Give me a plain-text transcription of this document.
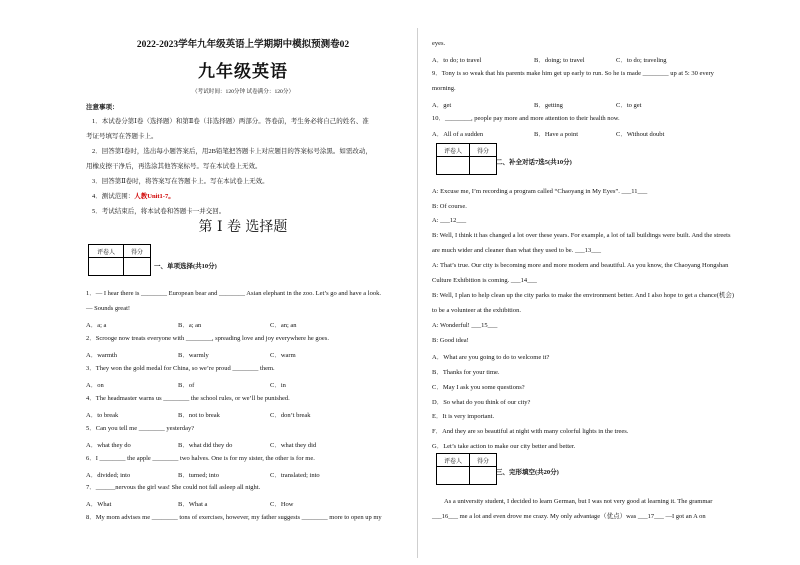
2022-2023学年九年级英语上学期期中模拟预测卷02
九年级英语
（考试时间：120分钟 试卷满分：120分）
注意事项：
1．本试卷分第Ⅰ卷（选择题）和第Ⅱ卷（非选择题）两部分。答卷前，考生务必将自己的姓名、准
考证号填写在答题卡上。
2．回答第Ⅰ卷时，选出每小题答案后，用2B铅笔把答题卡上对应题目的答案标号涂黑。如需改动，
用橡皮擦干净后，再选涂其他答案标号。写在本试卷上无效。
3．回答第Ⅱ卷时，将答案写在答题卡上。写在本试卷上无效。
4．测试范围：人教Unit1-7。
5．考试结束后，将本试卷和答题卡一并交回。
第 I 卷 选择题
评卷人	得分

一、单项选择(共10分)
1．— I hear there is ________ European bear and ________ Asian elephant in the zoo. Let’s go and have a look.
— Sounds great!
A．a; a	B．a; an	C．an; an
2．Scrooge now treats everyone with ________, spreading love and joy everywhere he goes.
A．warmth	B．warmly	C．warm
3．They won the gold medal for China, so we’re proud ________ them.
A．on	B．of	C．in
4．The headmaster warns us ________ the school rules, or we’ll be punished.
A．to break	B．not to break	C．don’t break
5．Can you tell me ________ yesterday?
A．what they do	B．what did they do	C．what they did
6．I ________ the apple ________ two halves. One is for my sister, the other is for me.
A．divided; into	B．turned; into	C．translated; into
7．______nervous the girl was! She could not fall asleep all night.
A．What	B．What a	C．How
8．My mom advises me ________ tons of exercises, however, my father suggests ________ more to open up my
eyes.
A．to do; to travel	B．doing; to travel	C．to do; traveling
9．Tony is so weak that his parents make him get up early to run. So he is made ________ up at 5: 30 every
morning.
A．get	B．getting	C．to get
10．________, people pay more and more attention to their health now.
A．All of a sudden	B．Have a point	C．Without doubt
评卷人	得分

二、补全对话7选5(共10分)
A: Excuse me, I’m recording a program called “Chaoyang in My Eyes”. ___11___
B: Of course.
A: ___12___
B: Well, I think it has changed a lot over these years. For example, a lot of tall buildings were built. And the streets
are much wider and cleaner than what they used to be. ___13___
A: That’s true. Our city is becoming more and more modern and beautiful. As you know, the Chaoyang Hongshan
Culture Exhibition is coming. ___14___
B: Well, I plan to help clean up the city parks to make the environment better. And I also hope to get a chance(机会)
to be a volunteer at the exhibition.
A: Wonderful! ___15___
B: Good idea!
A．What are you going to do to welcome it?
B．Thanks for your time.
C．May I ask you some questions?
D．So what do you think of our city?
E．It is very important.
F．And they are so beautiful at night with many colorful lights in the trees.
G．Let’s take action to make our city better and better.
评卷人	得分

三、完形填空(共20分)
As a university student, I decided to learn German, but I was not very good at learning it. The grammar
___16___ me a lot and even drove me crazy. My only advantage（优点）was ___17___ —I got an A on
